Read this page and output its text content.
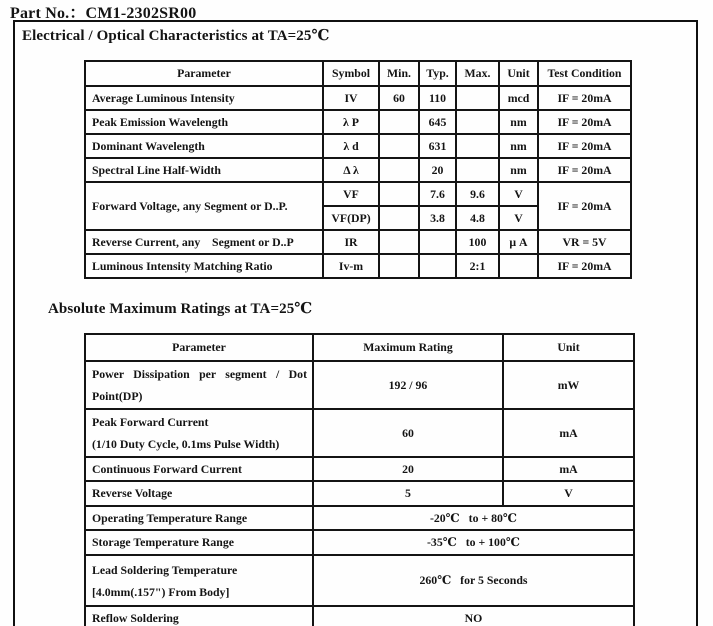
Part No.：CM1-2302SR00
Electrical / Optical Characteristics at TA=25℃
Parameter	Symbol	Min.	Typ.	Max.	Unit	Test Condition
Average Luminous Intensity	IV	60	110		mcd	IF = 20mA
Peak Emission Wavelength	λ P		645		nm	IF = 20mA
Dominant Wavelength	λ d		631		nm	IF = 20mA
Spectral Line Half-Width	Δ λ		20		nm	IF = 20mA
Forward Voltage, any Segment or D..P.	VF		7.6	9.6	V	IF = 20mA
	VF(DP)		3.8	4.8	V	
Reverse Current, any  Segment or D..P	IR			100	μ A	VR = 5V
Luminous Intensity Matching Ratio	Iv-m			2:1		IF = 20mA
Absolute Maximum Ratings at TA=25℃
Parameter	Maximum Rating	Unit

Power Dissipation per segment / Dot
Point(DP)	192 / 96	mW

Peak Forward Current
(1/10 Duty Cycle, 0.1ms Pulse Width)	60	mA
Continuous Forward Current	20	mA
Reverse Voltage	5	V
Operating Temperature Range	-20℃  to + 80℃	
Storage Temperature Range	-35℃  to + 100℃	

Lead Soldering Temperature
[4.0mm(.157") From Body]	260℃  for 5 Seconds	
Reflow Soldering	NO	
